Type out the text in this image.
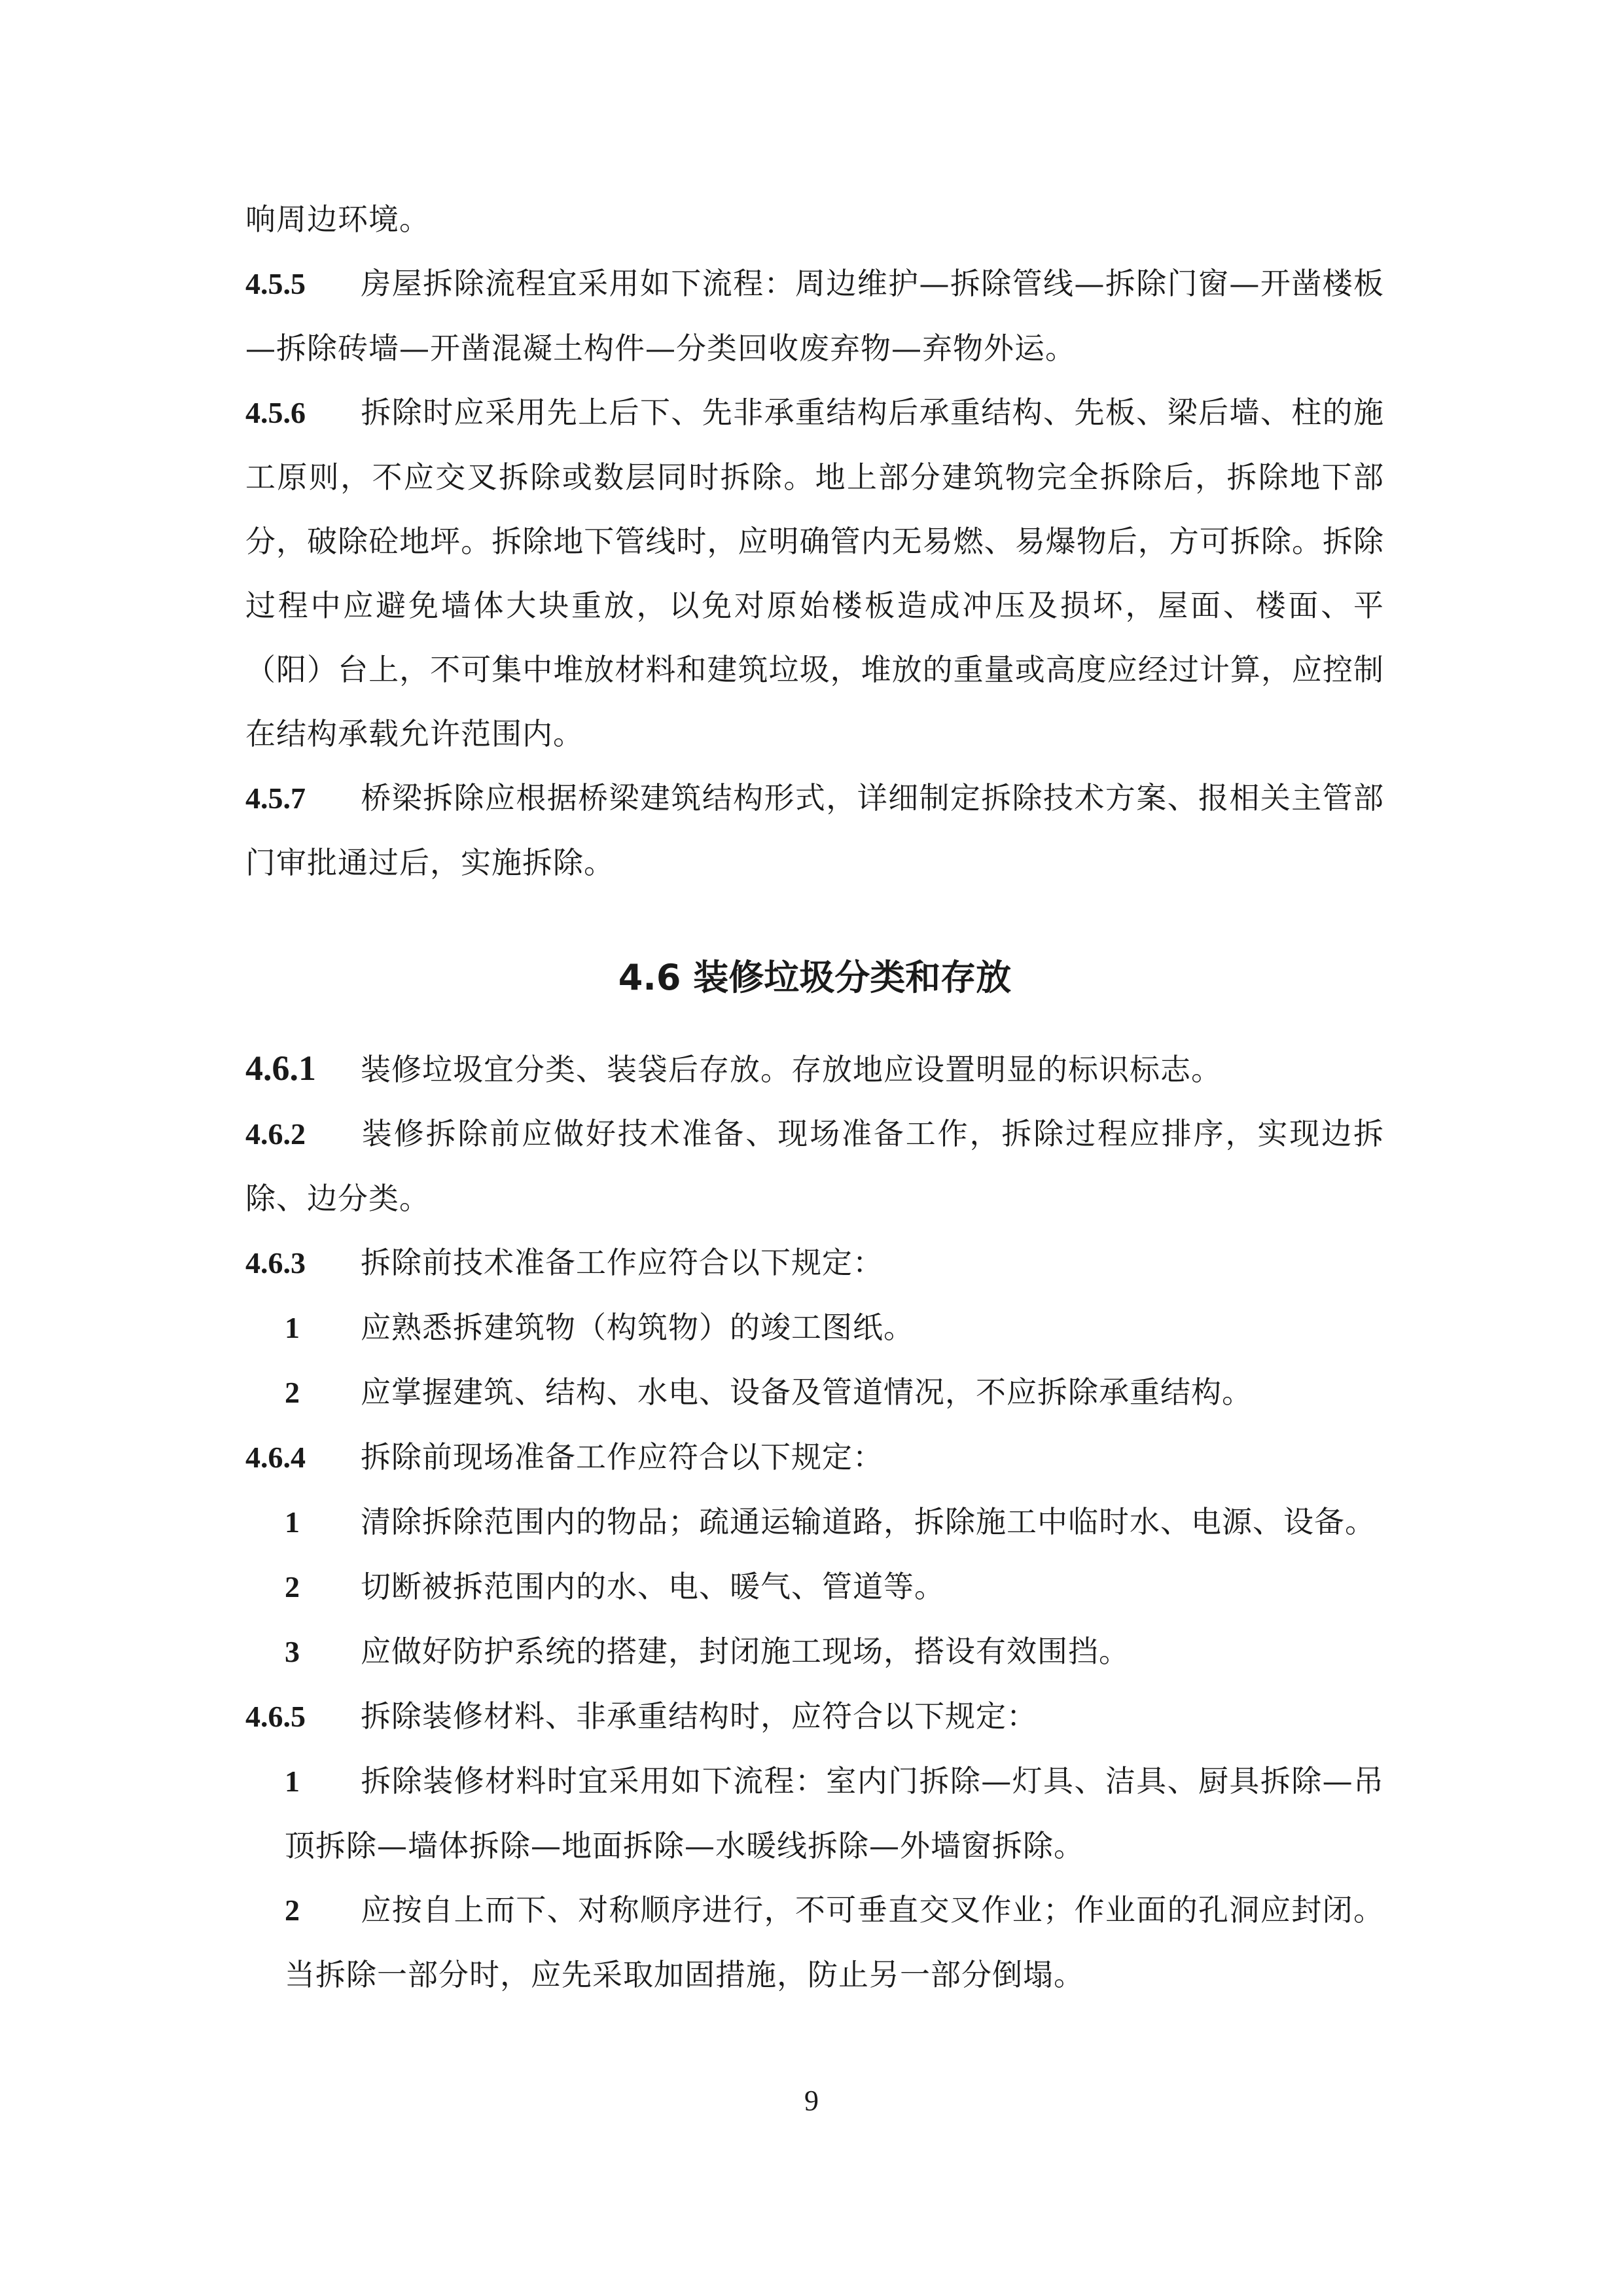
响周边环境。

4.5.5 房屋拆除流程宜采用如下流程：周边维护—拆除管线—拆除门窗—开凿楼板—拆除砖墙—开凿混凝土构件—分类回收废弃物—弃物外运。

4.5.6 拆除时应采用先上后下、先非承重结构后承重结构、先板、梁后墙、柱的施工原则，不应交叉拆除或数层同时拆除。地上部分建筑物完全拆除后，拆除地下部分，破除砼地坪。拆除地下管线时，应明确管内无易燃、易爆物后，方可拆除。拆除过程中应避免墙体大块重放，以免对原始楼板造成冲压及损坏，屋面、楼面、平（阳）台上，不可集中堆放材料和建筑垃圾，堆放的重量或高度应经过计算，应控制在结构承载允许范围内。

4.5.7 桥梁拆除应根据桥梁建筑结构形式，详细制定拆除技术方案、报相关主管部门审批通过后，实施拆除。

4.6 装修垃圾分类和存放

4.6.1 装修垃圾宜分类、装袋后存放。存放地应设置明显的标识标志。

4.6.2 装修拆除前应做好技术准备、现场准备工作，拆除过程应排序，实现边拆除、边分类。

4.6.3 拆除前技术准备工作应符合以下规定：

1 应熟悉拆建筑物（构筑物）的竣工图纸。

2 应掌握建筑、结构、水电、设备及管道情况，不应拆除承重结构。

4.6.4 拆除前现场准备工作应符合以下规定：

1 清除拆除范围内的物品；疏通运输道路，拆除施工中临时水、电源、设备。

2 切断被拆范围内的水、电、暖气、管道等。

3 应做好防护系统的搭建，封闭施工现场，搭设有效围挡。

4.6.5 拆除装修材料、非承重结构时，应符合以下规定：

1 拆除装修材料时宜采用如下流程：室内门拆除—灯具、洁具、厨具拆除—吊顶拆除—墙体拆除—地面拆除—水暖线拆除—外墙窗拆除。

2 应按自上而下、对称顺序进行，不可垂直交叉作业；作业面的孔洞应封闭。当拆除一部分时，应先采取加固措施，防止另一部分倒塌。

9
